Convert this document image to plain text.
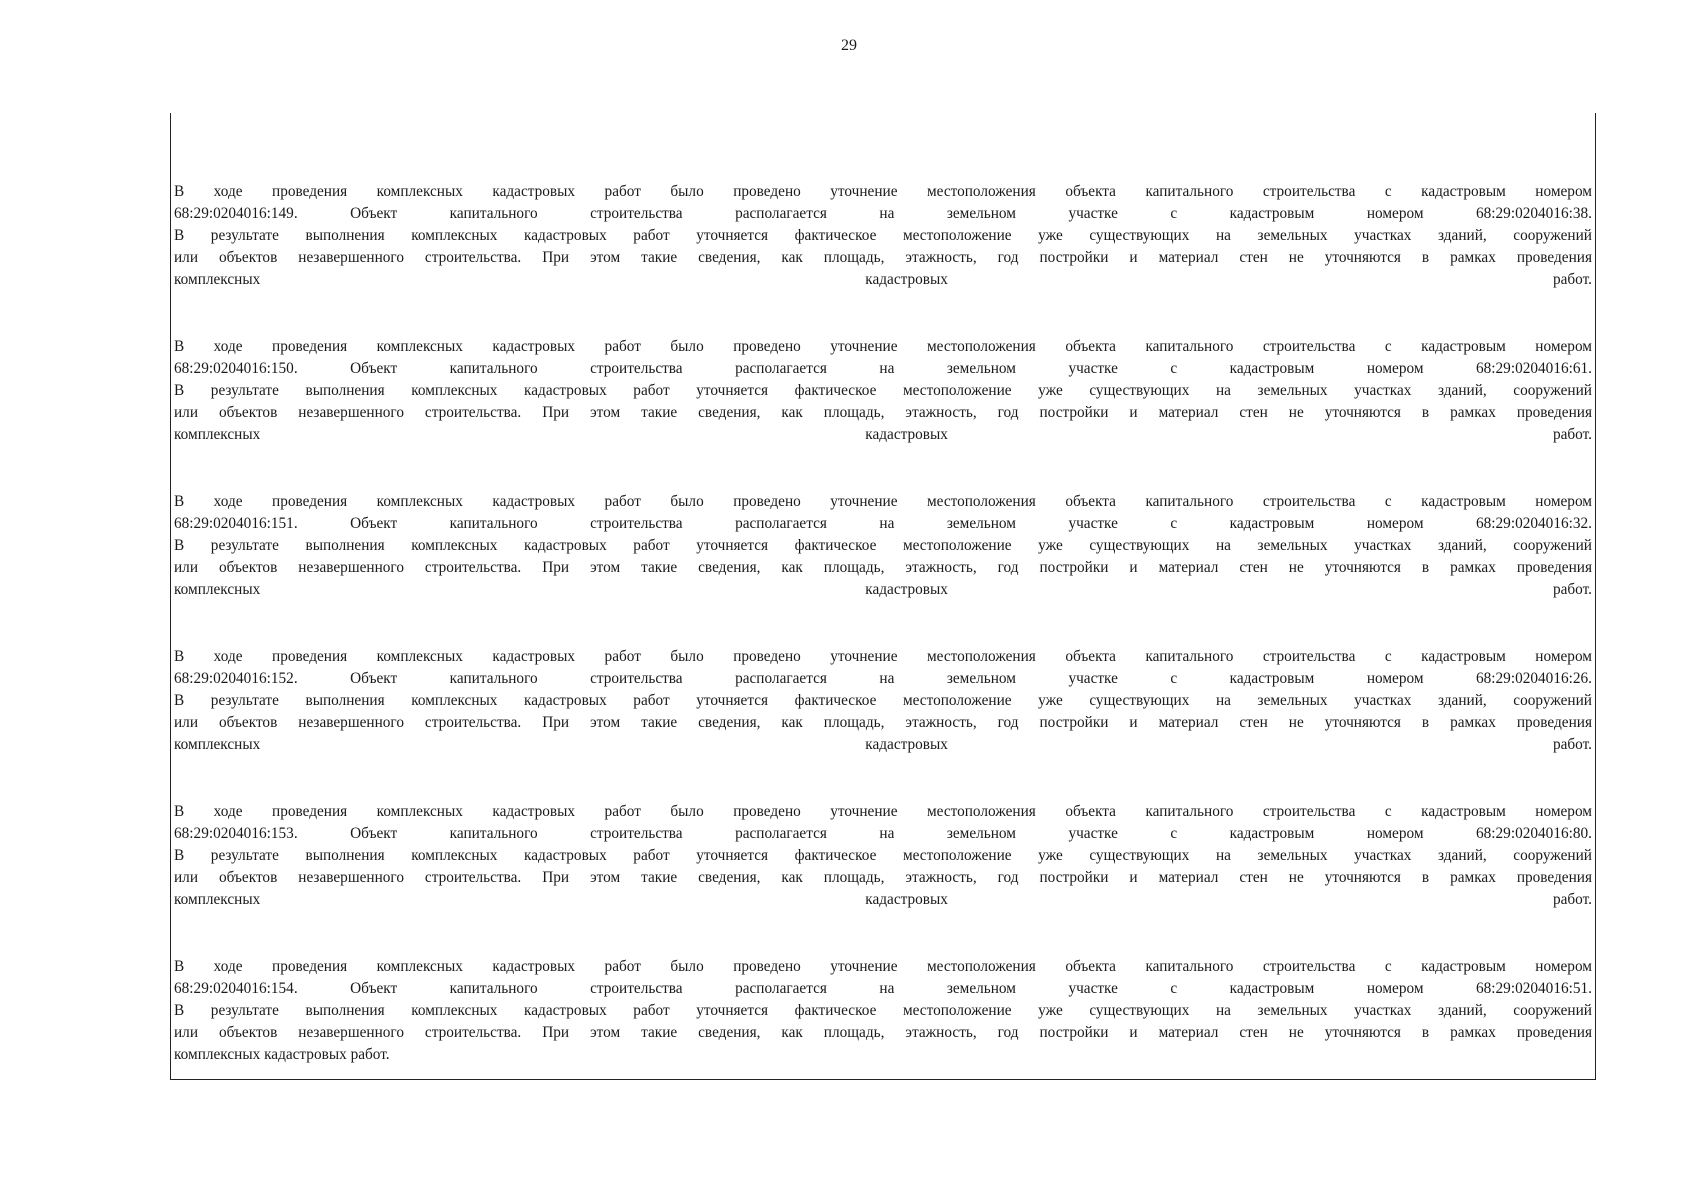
29
В ходе проведения комплексных кадастровых работ было проведено уточнение местоположения объекта капитального строительства с кадастровым номером
68:29:0204016:149. Объект капитального строительства располагается на земельном участке с кадастровым номером 68:29:0204016:38.
В результате выполнения комплексных кадастровых работ уточняется фактическое местоположение уже существующих на земельных участках зданий, сооружений
или объектов незавершенного строительства. При этом такие сведения, как площадь, этажность, год постройки и материал стен не уточняются в рамках проведения
комплексных кадастровых работ.
В ходе проведения комплексных кадастровых работ было проведено уточнение местоположения объекта капитального строительства с кадастровым номером
68:29:0204016:150. Объект капитального строительства располагается на земельном участке с кадастровым номером 68:29:0204016:61.
В результате выполнения комплексных кадастровых работ уточняется фактическое местоположение уже существующих на земельных участках зданий, сооружений
или объектов незавершенного строительства. При этом такие сведения, как площадь, этажность, год постройки и материал стен не уточняются в рамках проведения
комплексных кадастровых работ.
В ходе проведения комплексных кадастровых работ было проведено уточнение местоположения объекта капитального строительства с кадастровым номером
68:29:0204016:151. Объект капитального строительства располагается на земельном участке с кадастровым номером 68:29:0204016:32.
В результате выполнения комплексных кадастровых работ уточняется фактическое местоположение уже существующих на земельных участках зданий, сооружений
или объектов незавершенного строительства. При этом такие сведения, как площадь, этажность, год постройки и материал стен не уточняются в рамках проведения
комплексных кадастровых работ.
В ходе проведения комплексных кадастровых работ было проведено уточнение местоположения объекта капитального строительства с кадастровым номером
68:29:0204016:152. Объект капитального строительства располагается на земельном участке с кадастровым номером 68:29:0204016:26.
В результате выполнения комплексных кадастровых работ уточняется фактическое местоположение уже существующих на земельных участках зданий, сооружений
или объектов незавершенного строительства. При этом такие сведения, как площадь, этажность, год постройки и материал стен не уточняются в рамках проведения
комплексных кадастровых работ.
В ходе проведения комплексных кадастровых работ было проведено уточнение местоположения объекта капитального строительства с кадастровым номером
68:29:0204016:153. Объект капитального строительства располагается на земельном участке с кадастровым номером 68:29:0204016:80.
В результате выполнения комплексных кадастровых работ уточняется фактическое местоположение уже существующих на земельных участках зданий, сооружений
или объектов незавершенного строительства. При этом такие сведения, как площадь, этажность, год постройки и материал стен не уточняются в рамках проведения
комплексных кадастровых работ.
В ходе проведения комплексных кадастровых работ было проведено уточнение местоположения объекта капитального строительства с кадастровым номером
68:29:0204016:154. Объект капитального строительства располагается на земельном участке с кадастровым номером 68:29:0204016:51.
В результате выполнения комплексных кадастровых работ уточняется фактическое местоположение уже существующих на земельных участках зданий, сооружений
или объектов незавершенного строительства. При этом такие сведения, как площадь, этажность, год постройки и материал стен не уточняются в рамках проведения
комплексных кадастровых работ.
